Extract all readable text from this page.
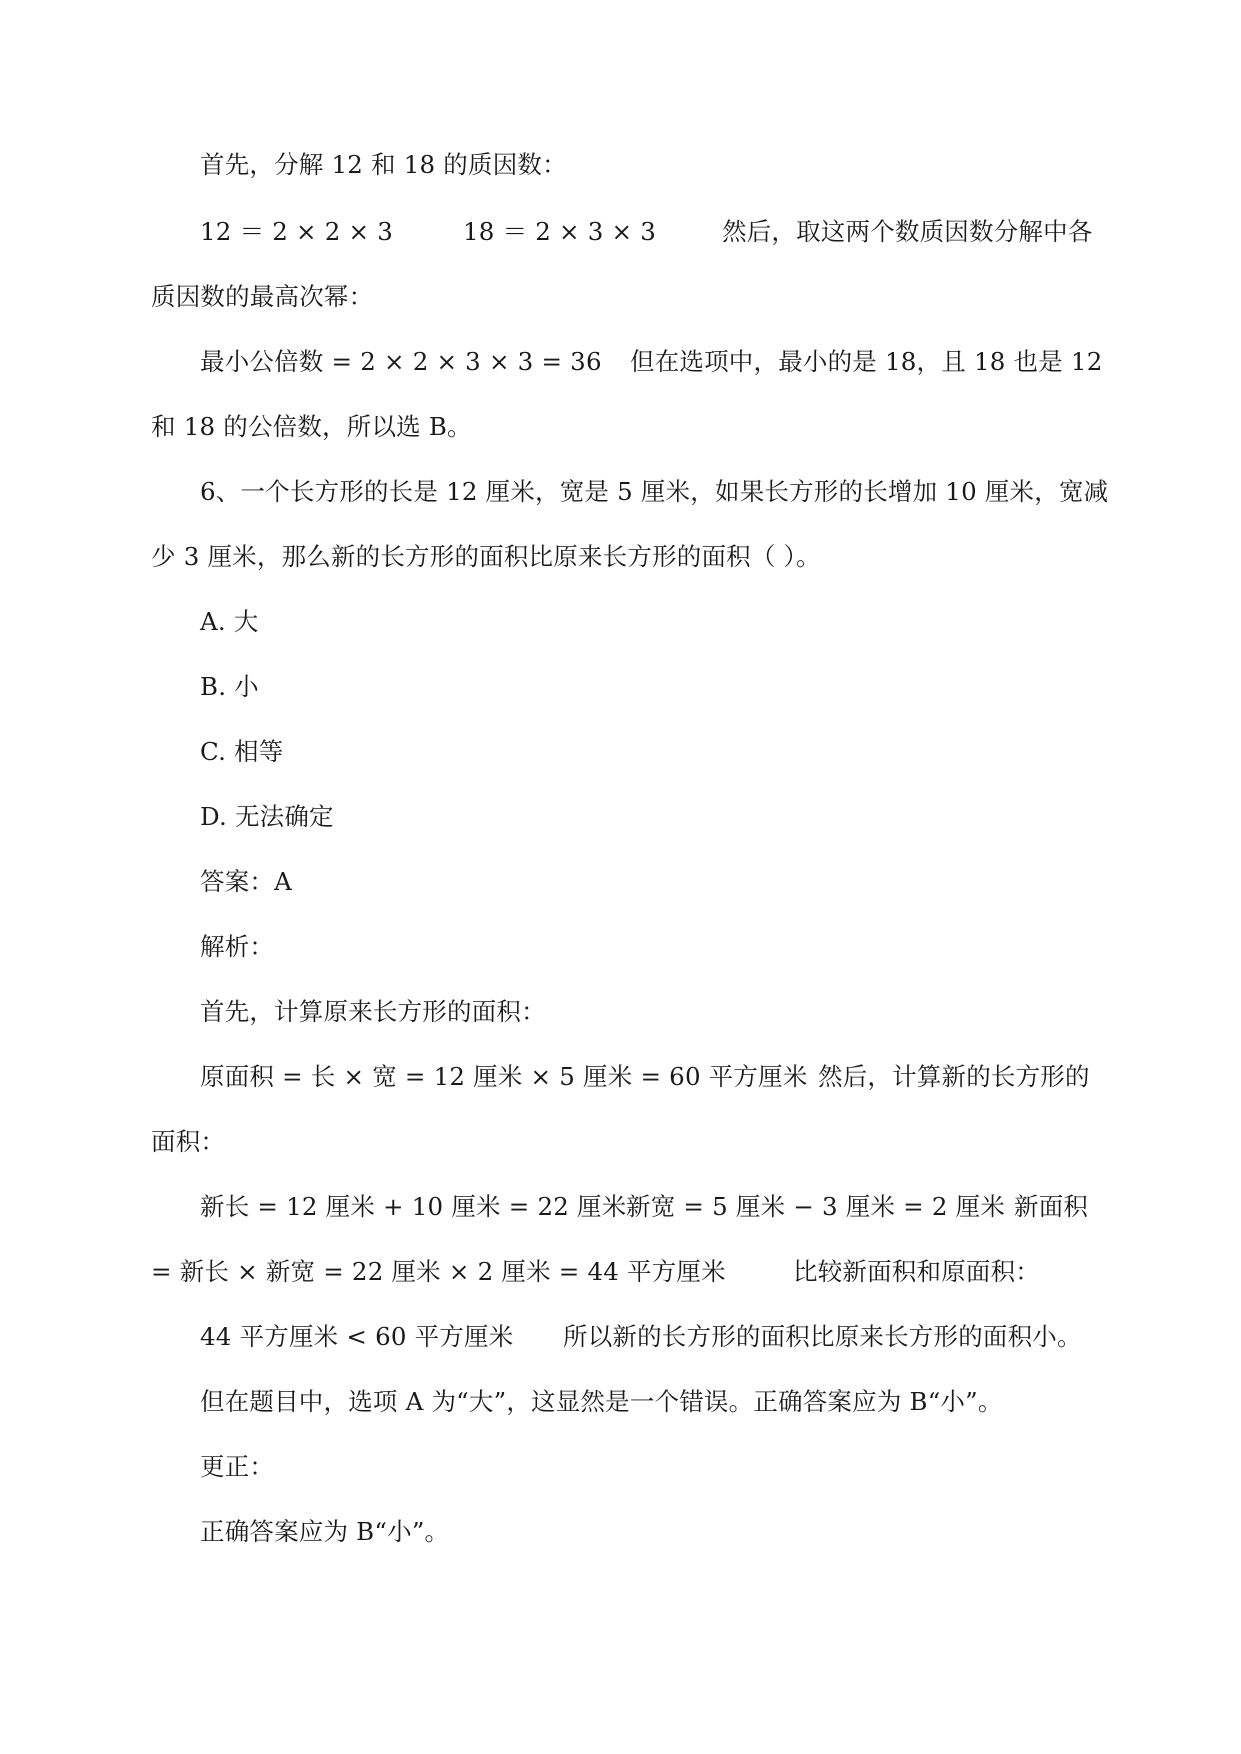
首先，分解 12 和 18 的质因数：
12 ＝ 2 × 2 × 3	18 ＝ 2 × 3 × 3	然后，取这两个数质因数分解中各
质因数的最高次幂：
最小公倍数 = 2 × 2 × 3 × 3 = 36 但在选项中，最小的是 18，且 18 也是 12
和 18 的公倍数，所以选 B。
6、一个长方形的长是 12 厘米，宽是 5 厘米，如果长方形的长增加 10 厘米，宽减
少 3 厘米，那么新的长方形的面积比原来长方形的面积（ ）。
A. 大
B. 小
C. 相等
D. 无法确定
答案：A
解析：
首先，计算原来长方形的面积：
原面积 = 长 × 宽 = 12 厘米 × 5 厘米 = 60 平方厘米 然后，计算新的长方形的
面积：
新长 = 12 厘米 + 10 厘米 = 22 厘米 新宽 = 5 厘米 − 3 厘米 = 2 厘米 新面积
= 新长 × 新宽 = 22 厘米 × 2 厘米 = 44 平方厘米	比较新面积和原面积：
44 平方厘米 < 60 平方厘米 所以新的长方形的面积比原来长方形的面积小。
但在题目中，选项 A 为“大”，这显然是一个错误。正确答案应为 B“小”。
更正：
正确答案应为 B“小”。
